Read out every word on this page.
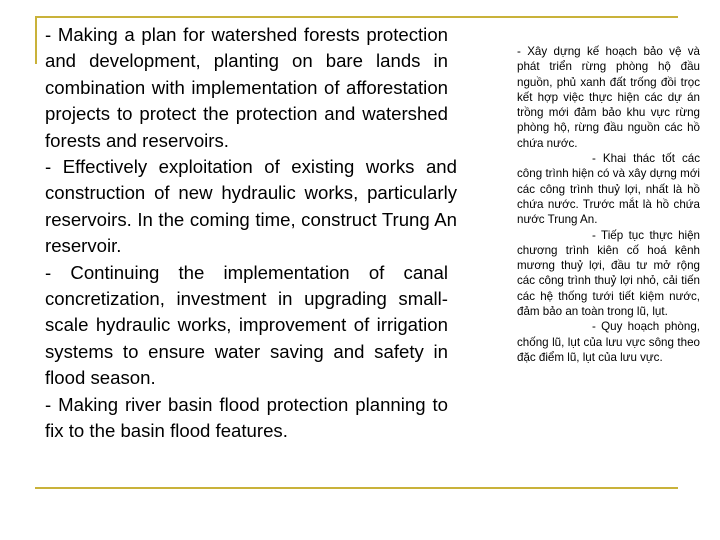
- Making a plan for watershed forests protection and development, planting on bare lands in combination with implementation of afforestation projects to protect the protection and watershed forests and reservoirs.

- Effectively exploitation of existing works and construction of new hydraulic works, particularly reservoirs. In the coming time, construct Trung An reservoir.

- Continuing the implementation of canal concretization, investment in upgrading small-scale hydraulic works, improvement of irrigation systems to ensure water saving and safety in flood season.

- Making river basin flood protection planning to fix to the basin flood features.

- Xây dựng kế hoạch bảo vệ và phát triển rừng phòng hộ đầu nguồn, phủ xanh đất trống đồi trọc kết hợp việc thực hiện các dự án trồng mới đảm bảo khu vực rừng phòng hộ, rừng đầu nguồn các hồ chứa nước.

- Khai thác tốt các công trình hiện có và xây dựng mới các công trình thuỷ lợi, nhất là hồ chứa nước. Trước mắt là hồ chứa nước Trung An.

- Tiếp tục thực hiện chương trình kiên cố hoá kênh mương thuỷ lợi, đầu tư mở rộng các công trình thuỷ lợi nhỏ, cải tiến các hệ thống tưới tiết kiệm nước, đảm bảo an toàn trong lũ, lụt.

- Quy hoạch phòng, chống lũ, lụt của lưu vực sông theo đặc điểm lũ, lụt của lưu vực.
